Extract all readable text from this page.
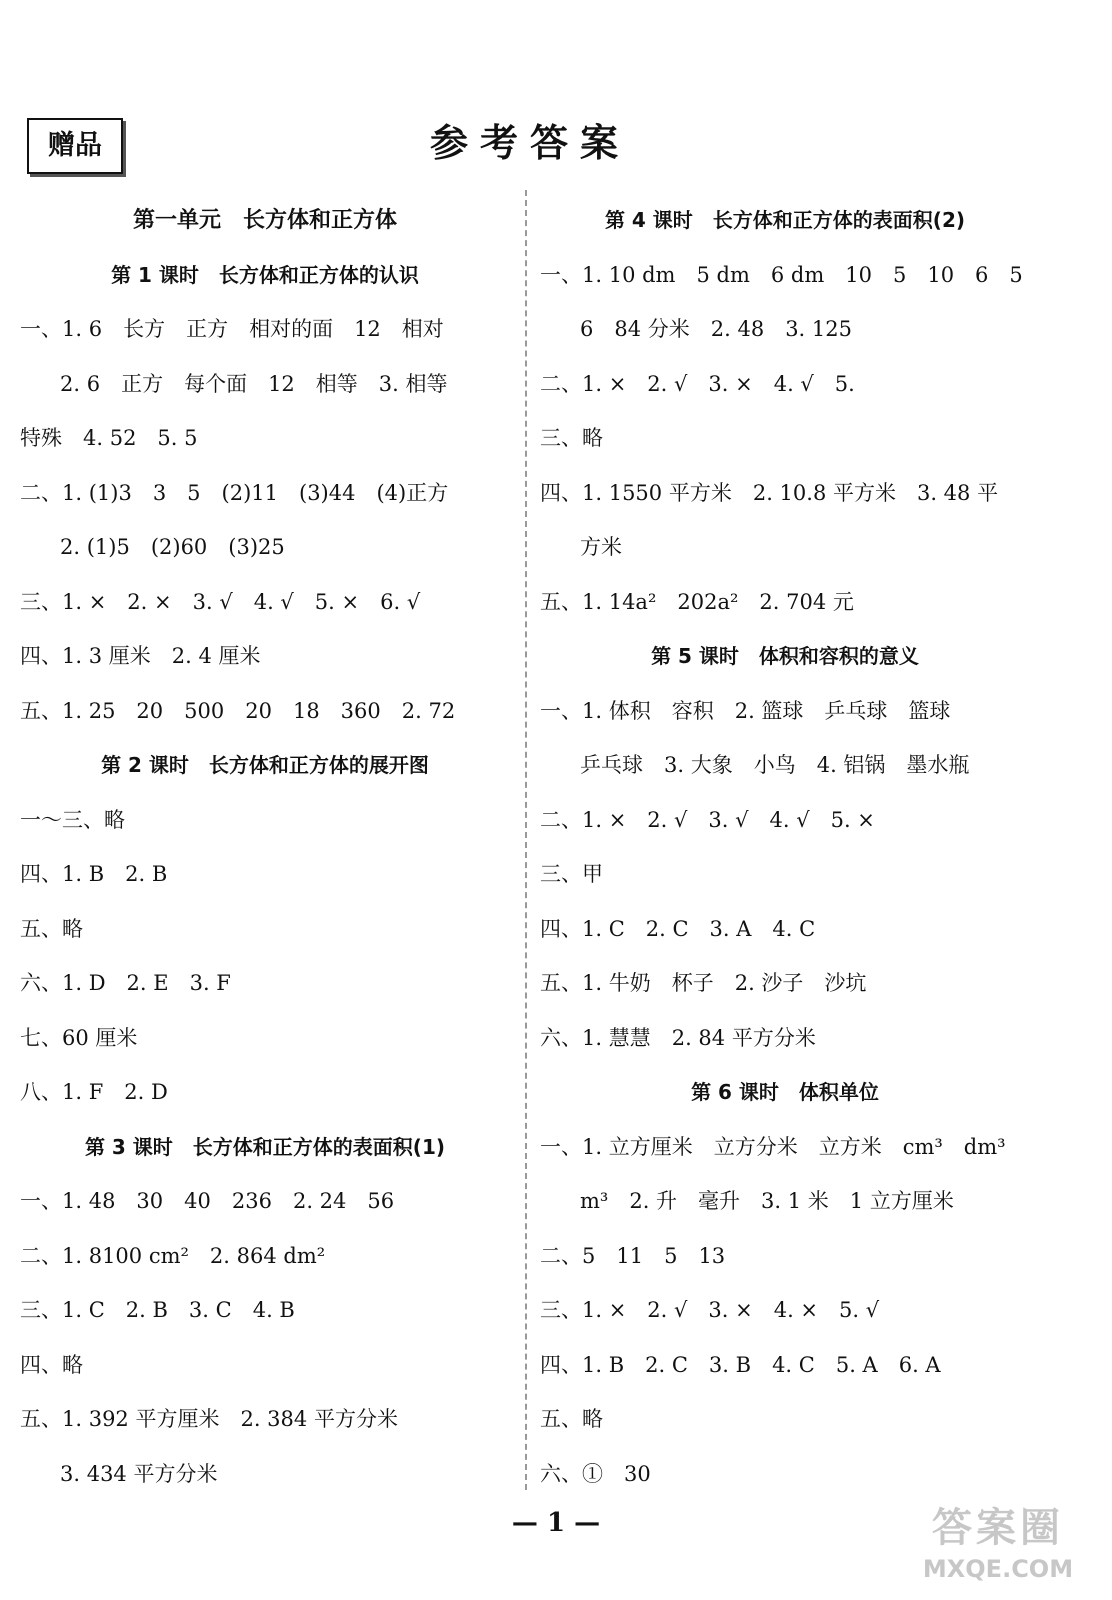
赠品	参考答案
第一单元　长方体和正方体
第 1 课时　长方体和正方体的认识
一、1. 6　长方　正方　相对的面　12　相对
2. 6　正方　每个面　12　相等　3. 相等
特殊　4. 52　5. 5
二、1. (1)3　3　5　(2)11　(3)44　(4)正方
2. (1)5　(2)60　(3)25
三、1. ×　2. ×　3. √　4. √　5. ×　6. √
四、1. 3 厘米　2. 4 厘米
五、1. 25　20　500　20　18　360　2. 72
第 2 课时　长方体和正方体的展开图
一～三、略
四、1. B　2. B
五、略
六、1. D　2. E　3. F
七、60 厘米
八、1. F　2. D
第 3 课时　长方体和正方体的表面积(1)
一、1. 48　30　40　236　2. 24　56
二、1. 8100 cm²　2. 864 dm²
三、1. C　2. B　3. C　4. B
四、略
五、1. 392 平方厘米　2. 384 平方分米
3. 434 平方分米
第 4 课时　长方体和正方体的表面积(2)
一、1. 10 dm　5 dm　6 dm　10　5　10　6　5
6　84 分米　2. 48　3. 125
二、1. ×　2. √　3. ×　4. √　5.
三、略
四、1. 1550 平方米　2. 10.8 平方米　3. 48 平
方米
五、1. 14a²　202a²　2. 704 元
第 5 课时　体积和容积的意义
一、1. 体积　容积　2. 篮球　乒乓球　篮球
乒乓球　3. 大象　小鸟　4. 铝锅　墨水瓶
二、1. ×　2. √　3. √　4. √　5. ×
三、甲
四、1. C　2. C　3. A　4. C
五、1. 牛奶　杯子　2. 沙子　沙坑
六、1. 慧慧　2. 84 平方分米
第 6 课时　体积单位
一、1. 立方厘米　立方分米　立方米　cm³　dm³
m³　2. 升　毫升　3. 1 米　1 立方厘米
二、5　11　5　13
三、1. ×　2. √　3. ×　4. ×　5. √
四、1. B　2. C　3. B　4. C　5. A　6. A
五、略
六、①　30
— 1 —	答案圈
MXQE.COM
